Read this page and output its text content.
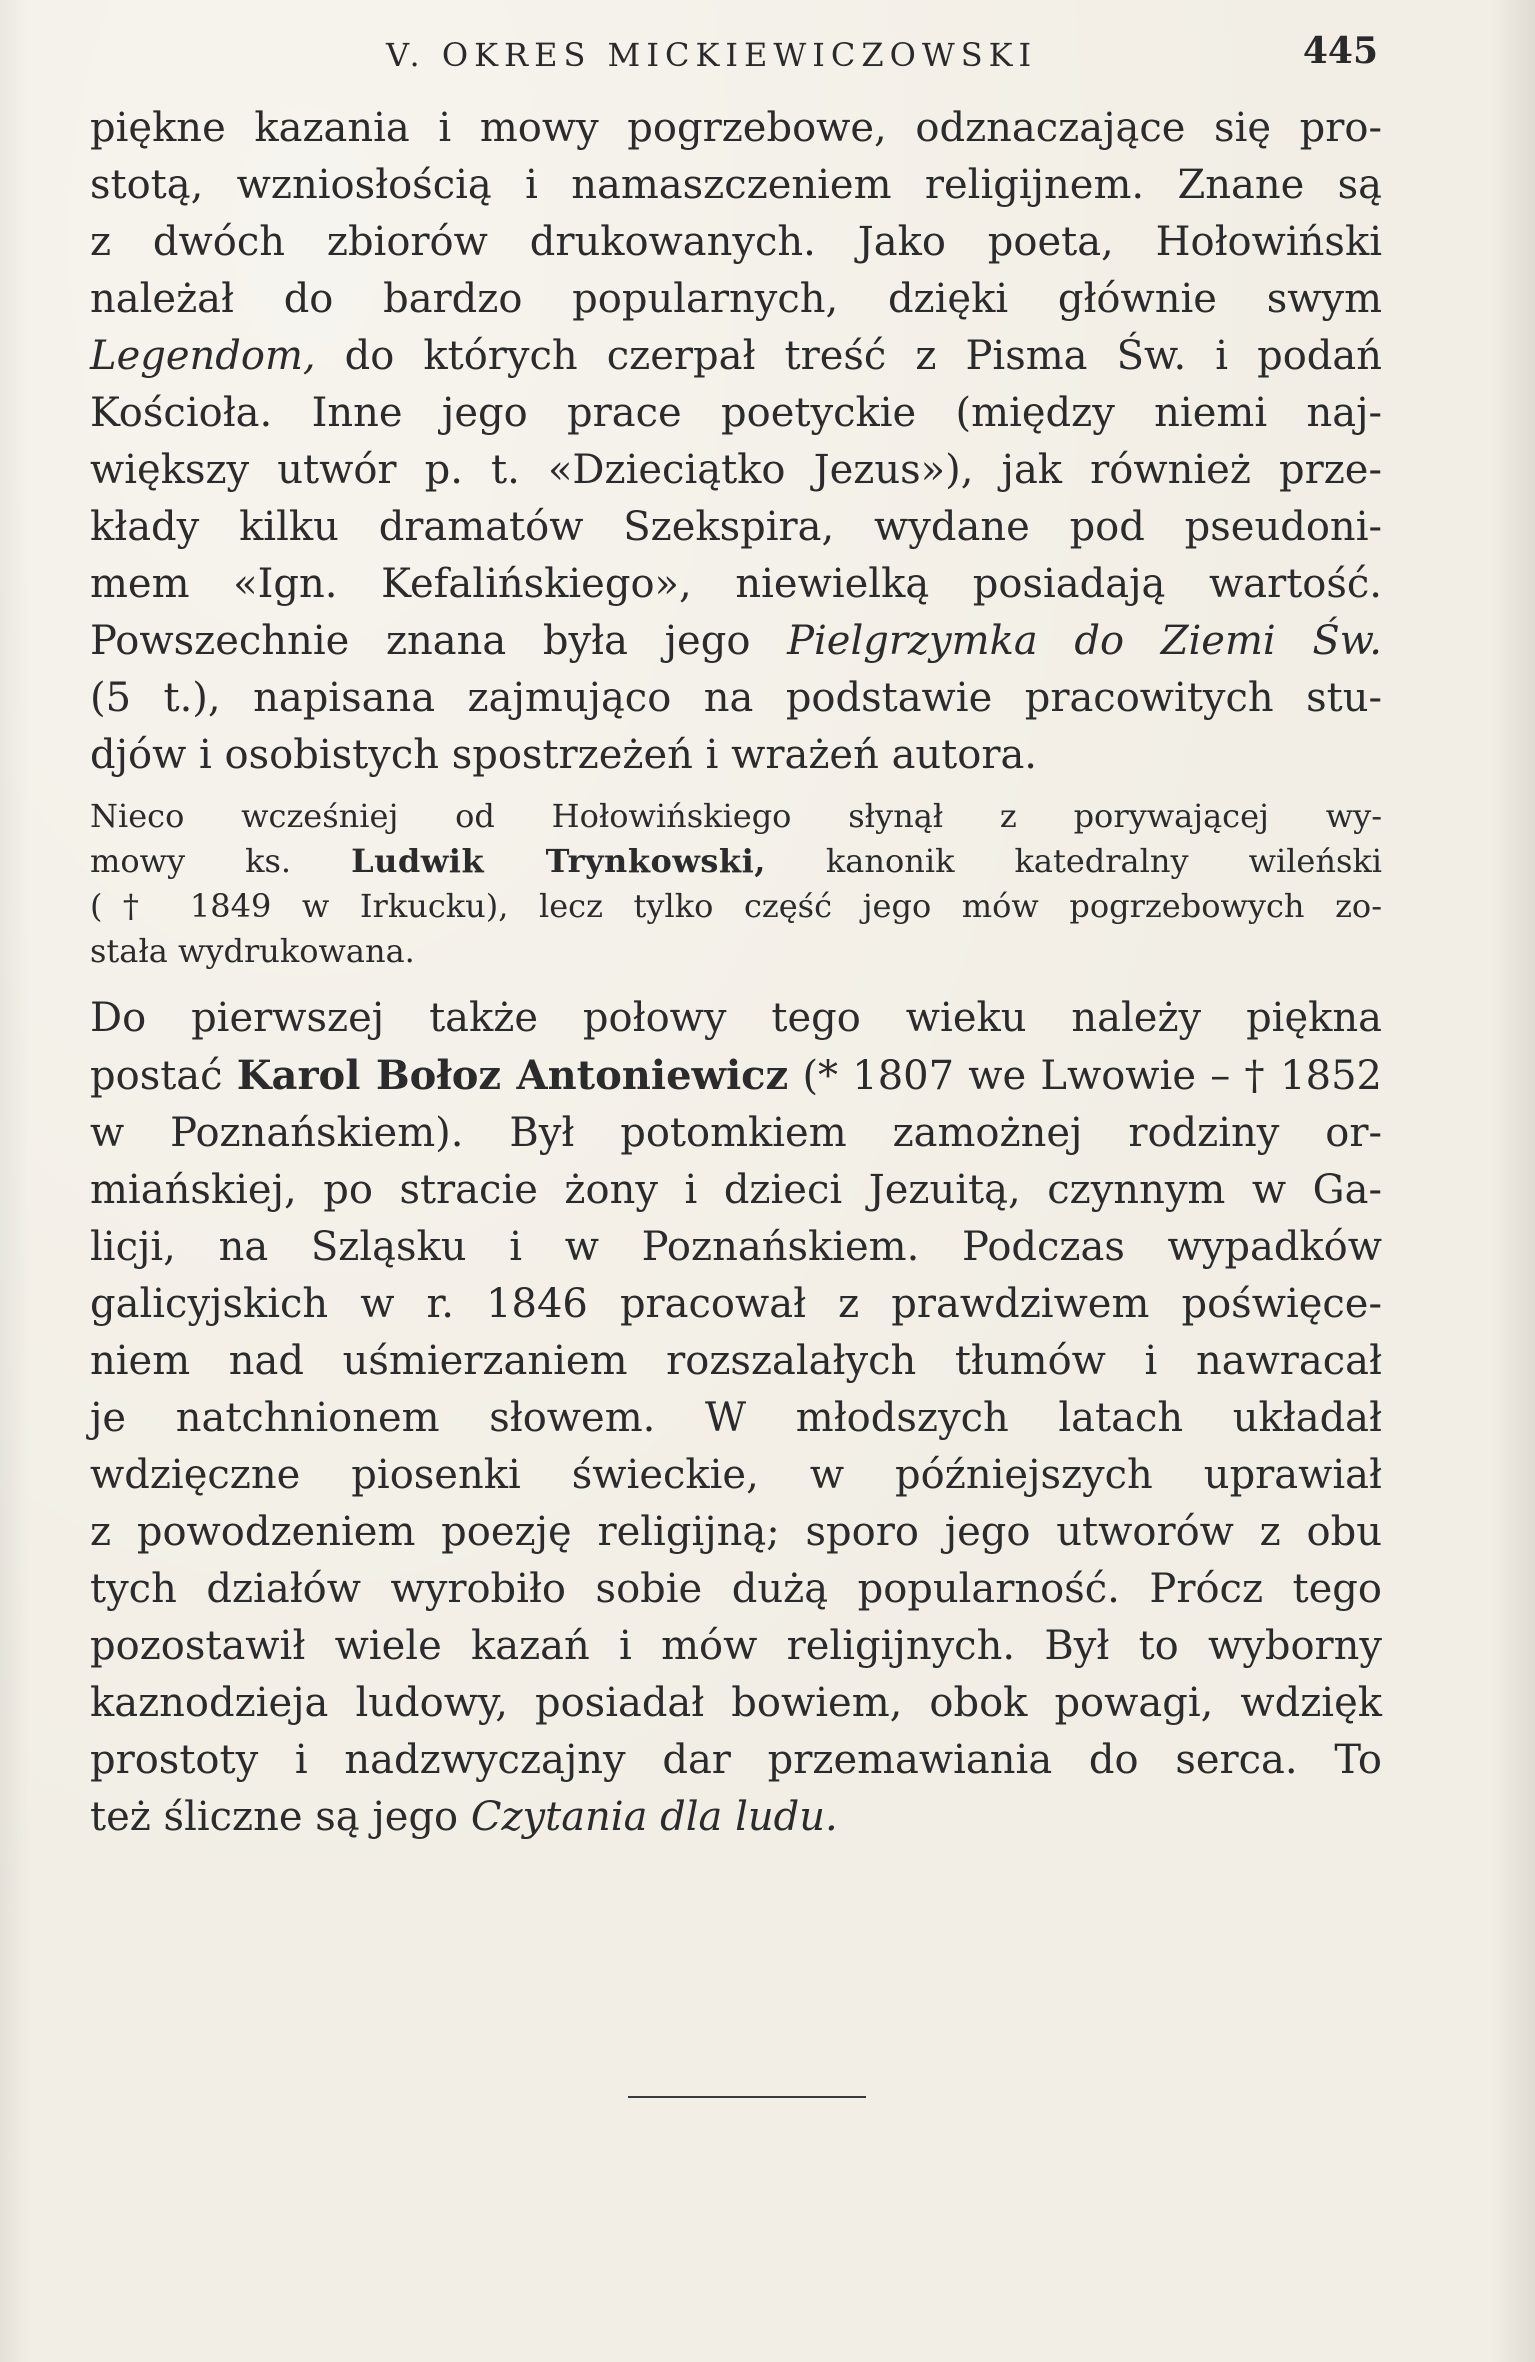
V. OKRES MICKIEWICZOWSKI	445
piękne kazania i mowy pogrzebowe, odznaczające się pro-
stotą, wzniosłością i namaszczeniem religijnem. Znane są
z dwóch zbiorów drukowanych. Jako poeta, Hołowiński
należał do bardzo popularnych, dzięki głównie swym
Legendom, do których czerpał treść z Pisma Św. i podań
Kościoła. Inne jego prace poetyckie (między niemi naj-
większy utwór p. t. «Dzieciątko Jezus»), jak również prze-
kłady kilku dramatów Szekspira, wydane pod pseudoni-
mem «Ign. Kefalińskiego», niewielką posiadają wartość.
Powszechnie znana była jego Pielgrzymka do Ziemi Św.
(5 t.), napisana zajmująco na podstawie pracowitych stu-
djów i osobistych spostrzeżeń i wrażeń autora.
Nieco wcześniej od Hołowińskiego słynął z porywającej wy-
mowy ks. Ludwik Trynkowski, kanonik katedralny wileński
(† 1849 w Irkucku), lecz tylko część jego mów pogrzebowych zo-
stała wydrukowana.
Do pierwszej także połowy tego wieku należy piękna
postać Karol Bołoz Antoniewicz (* 1807 we Lwowie – † 1852
w Poznańskiem). Był potomkiem zamożnej rodziny or-
miańskiej, po stracie żony i dzieci Jezuitą, czynnym w Ga-
licji, na Szląsku i w Poznańskiem. Podczas wypadków
galicyjskich w r. 1846 pracował z prawdziwem poświęce-
niem nad uśmierzaniem rozszalałych tłumów i nawracał
je natchnionem słowem. W młodszych latach układał
wdzięczne piosenki świeckie, w późniejszych uprawiał
z powodzeniem poezję religijną; sporo jego utworów z obu
tych działów wyrobiło sobie dużą popularność. Prócz tego
pozostawił wiele kazań i mów religijnych. Był to wyborny
kaznodzieja ludowy, posiadał bowiem, obok powagi, wdzięk
prostoty i nadzwyczajny dar przemawiania do serca. To
też śliczne są jego Czytania dla ludu.
